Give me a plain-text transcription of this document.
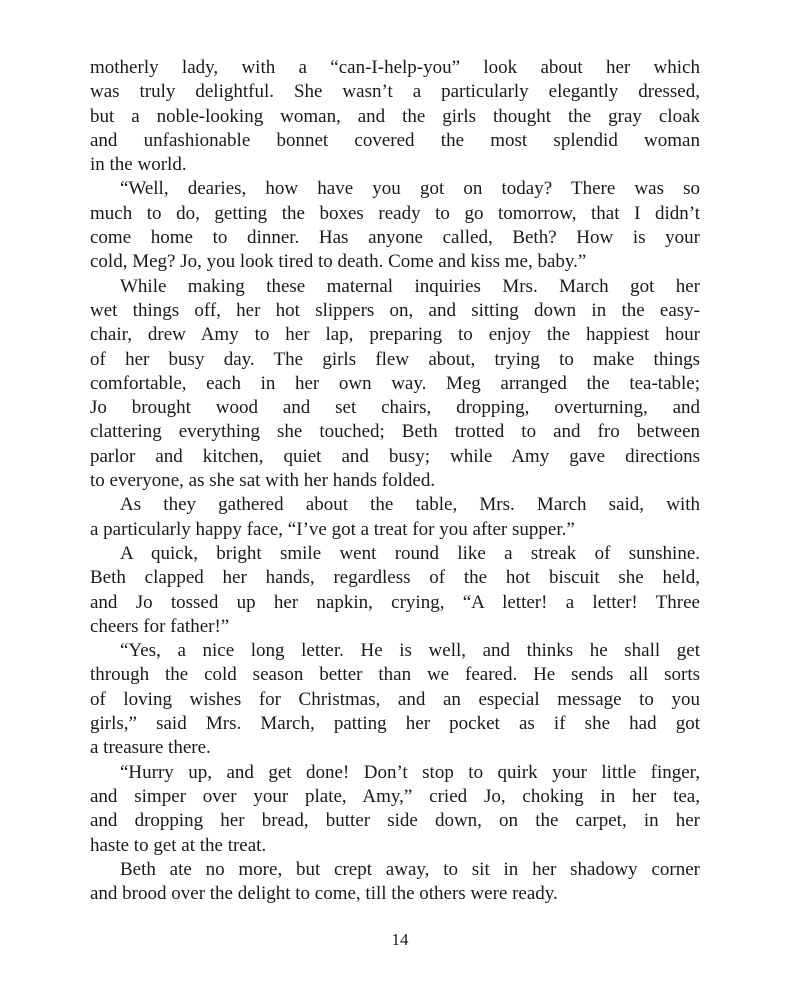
motherly lady, with a “can-I-help-you” look about her which
was truly delightful. She wasn’t a particularly elegantly dressed,
but a noble-looking woman, and the girls thought the gray cloak
and unfashionable bonnet covered the most splendid woman
in the world.
“Well, dearies, how have you got on today? There was so
much to do, getting the boxes ready to go tomorrow, that I didn’t
come home to dinner. Has anyone called, Beth? How is your
cold, Meg? Jo, you look tired to death. Come and kiss me, baby.”
While making these maternal inquiries Mrs. March got her
wet things off, her hot slippers on, and sitting down in the easy-
chair, drew Amy to her lap, preparing to enjoy the happiest hour
of her busy day. The girls flew about, trying to make things
comfortable, each in her own way. Meg arranged the tea-table;
Jo brought wood and set chairs, dropping, overturning, and
clattering everything she touched; Beth trotted to and fro between
parlor and kitchen, quiet and busy; while Amy gave directions
to everyone, as she sat with her hands folded.
As they gathered about the table, Mrs. March said, with
a particularly happy face, “I’ve got a treat for you after supper.”
A quick, bright smile went round like a streak of sunshine.
Beth clapped her hands, regardless of the hot biscuit she held,
and Jo tossed up her napkin, crying, “A letter! a letter! Three
cheers for father!”
“Yes, a nice long letter. He is well, and thinks he shall get
through the cold season better than we feared. He sends all sorts
of loving wishes for Christmas, and an especial message to you
girls,” said Mrs. March, patting her pocket as if she had got
a treasure there.
“Hurry up, and get done! Don’t stop to quirk your little finger,
and simper over your plate, Amy,” cried Jo, choking in her tea,
and dropping her bread, butter side down, on the carpet, in her
haste to get at the treat.
Beth ate no more, but crept away, to sit in her shadowy corner
and brood over the delight to come, till the others were ready.
14
